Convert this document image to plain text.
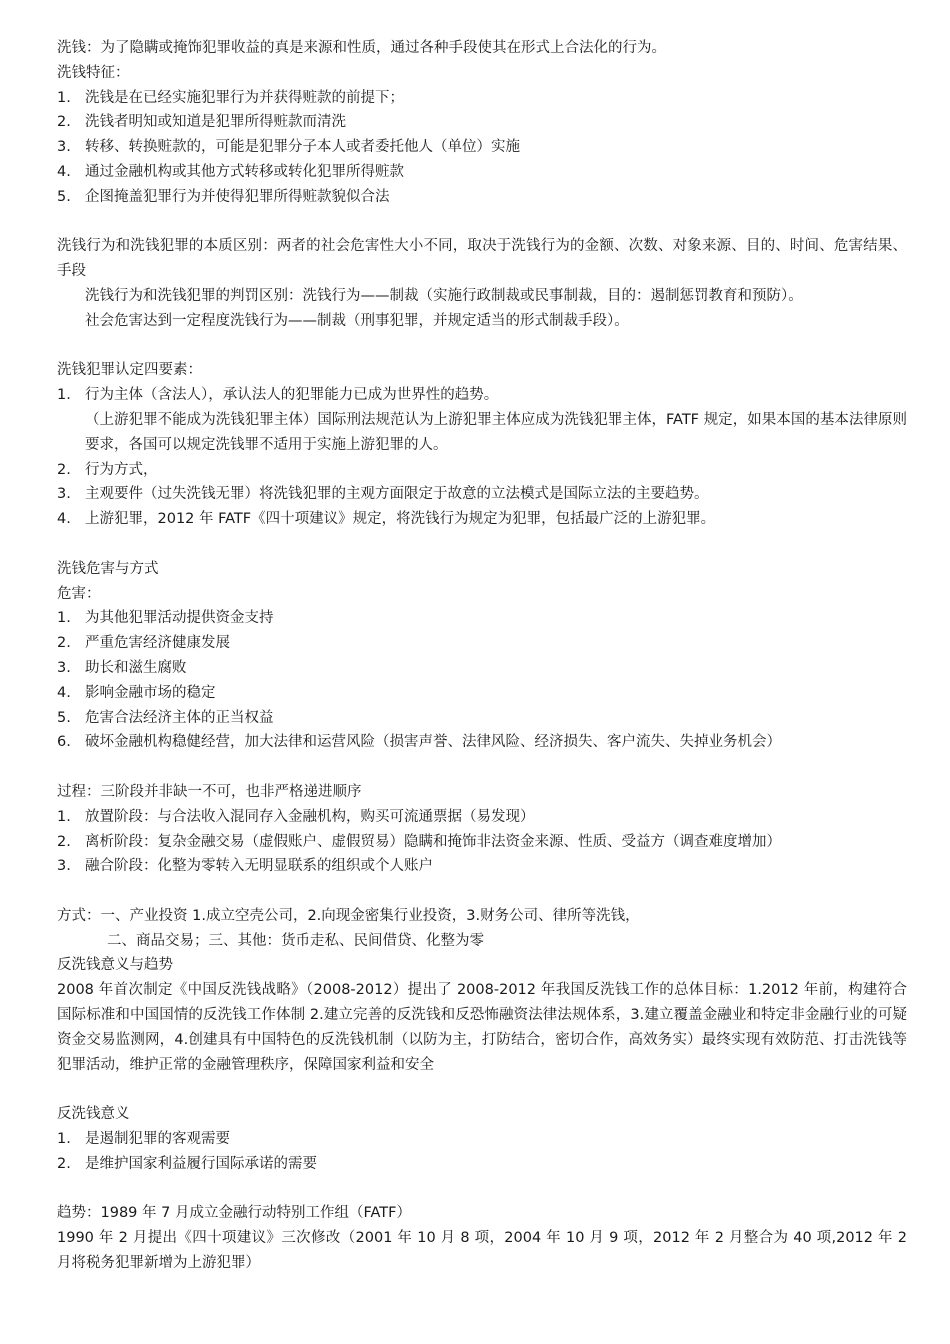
洗钱：为了隐瞒或掩饰犯罪收益的真是来源和性质，通过各种手段使其在形式上合法化的行为。
洗钱特征：
1. 洗钱是在已经实施犯罪行为并获得赃款的前提下；
2. 洗钱者明知或知道是犯罪所得赃款而清洗
3. 转移、转换赃款的，可能是犯罪分子本人或者委托他人（单位）实施
4. 通过金融机构或其他方式转移或转化犯罪所得赃款
5. 企图掩盖犯罪行为并使得犯罪所得赃款貌似合法
洗钱行为和洗钱犯罪的本质区别：两者的社会危害性大小不同，取决于洗钱行为的金额、次数、对象来源、目的、时间、危害结果、手段
洗钱行为和洗钱犯罪的判罚区别：洗钱行为——制裁（实施行政制裁或民事制裁，目的：遏制惩罚教育和预防）。
社会危害达到一定程度洗钱行为——制裁（刑事犯罪，并规定适当的形式制裁手段）。
洗钱犯罪认定四要素：
1. 行为主体（含法人），承认法人的犯罪能力已成为世界性的趋势。
（上游犯罪不能成为洗钱犯罪主体）国际刑法规范认为上游犯罪主体应成为洗钱犯罪主体，FATF 规定，如果本国的基本法律原则要求，各国可以规定洗钱罪不适用于实施上游犯罪的人。
2. 行为方式，
3. 主观要件（过失洗钱无罪）将洗钱犯罪的主观方面限定于故意的立法模式是国际立法的主要趋势。
4. 上游犯罪，2012 年 FATF《四十项建议》规定，将洗钱行为规定为犯罪，包括最广泛的上游犯罪。
洗钱危害与方式
危害：
1. 为其他犯罪活动提供资金支持
2. 严重危害经济健康发展
3. 助长和滋生腐败
4. 影响金融市场的稳定
5. 危害合法经济主体的正当权益
6. 破坏金融机构稳健经营，加大法律和运营风险（损害声誉、法律风险、经济损失、客户流失、失掉业务机会）
过程：三阶段并非缺一不可，也非严格递进顺序
1. 放置阶段：与合法收入混同存入金融机构，购买可流通票据（易发现）
2. 离析阶段：复杂金融交易（虚假账户、虚假贸易）隐瞒和掩饰非法资金来源、性质、受益方（调查难度增加）
3. 融合阶段：化整为零转入无明显联系的组织或个人账户
方式：一、产业投资 1.成立空壳公司，2.向现金密集行业投资，3.财务公司、律所等洗钱，
二、商品交易；三、其他：货币走私、民间借贷、化整为零
反洗钱意义与趋势
2008 年首次制定《中国反洗钱战略》（2008-2012）提出了 2008-2012 年我国反洗钱工作的总体目标：1.2012 年前，构建符合国际标准和中国国情的反洗钱工作体制 2.建立完善的反洗钱和反恐怖融资法律法规体系，3.建立覆盖金融业和特定非金融行业的可疑资金交易监测网，4.创建具有中国特色的反洗钱机制（以防为主，打防结合，密切合作，高效务实）最终实现有效防范、打击洗钱等犯罪活动，维护正常的金融管理秩序，保障国家利益和安全
反洗钱意义
1. 是遏制犯罪的客观需要
2. 是维护国家利益履行国际承诺的需要
趋势：1989 年 7 月成立金融行动特别工作组（FATF）
1990 年 2 月提出《四十项建议》三次修改（2001 年 10 月 8 项，2004 年 10 月 9 项，2012 年 2 月整合为 40 项,2012 年 2 月将税务犯罪新增为上游犯罪）
